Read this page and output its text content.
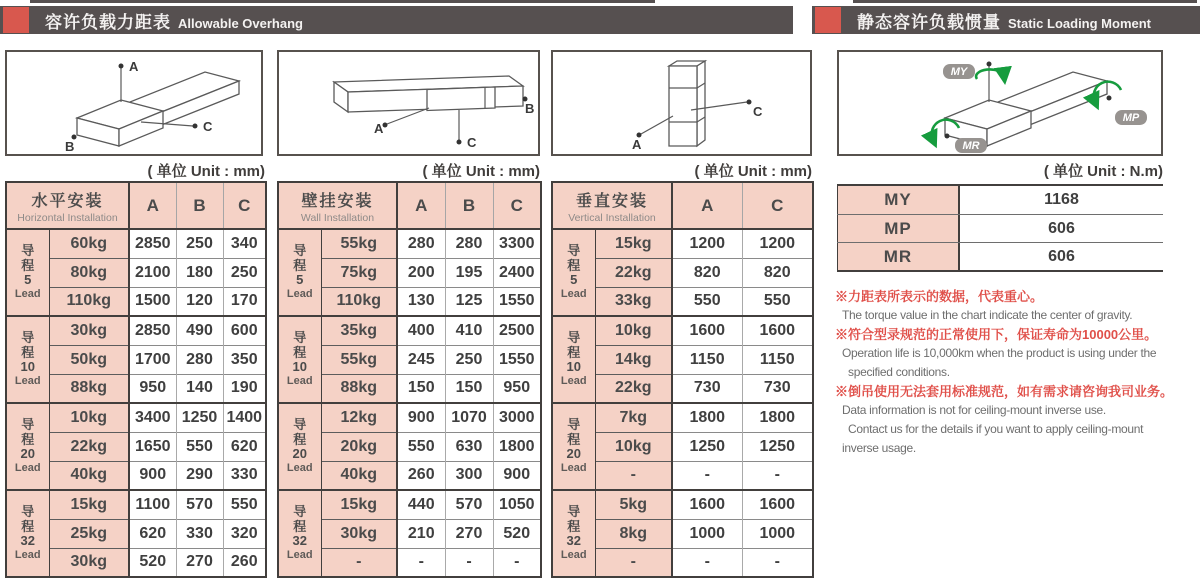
容许负载力距表 Allowable Overhang	静态容许负载惯量 Static Loading Moment
A
B
C	A
B
C	A
C
MY
MP
MR
( 单位 Unit : mm)	( 单位 Unit : mm)	( 单位 Unit : mm)	( 单位 Unit : N.m)
水平安装
Horizontal Installation		A	B	C

导
程
5
Lead	60kg	2850	250	340
	80kg	2100	180	250
	110kg	1500	120	170

导
程
10
Lead	30kg	2850	490	600
	50kg	1700	280	350
	88kg	950	140	190

导
程
20
Lead	10kg	3400	1250	1400
	22kg	1650	550	620
	40kg	900	290	330

导
程
32
Lead	15kg	1100	570	550
	25kg	620	330	320
	30kg	520	270	260
壁挂安装
Wall Installation		A	B	C

导
程
5
Lead	55kg	280	280	3300
	75kg	200	195	2400
	110kg	130	125	1550

导
程
10
Lead	35kg	400	410	2500
	55kg	245	250	1550
	88kg	150	150	950

导
程
20
Lead	12kg	900	1070	3000
	20kg	550	630	1800
	40kg	260	300	900

导
程
32
Lead	15kg	440	570	1050
	30kg	210	270	520
	-	-	-	-
垂直安装
Vertical Installation		A	C

导
程
5
Lead	15kg	1200	1200
	22kg	820	820
	33kg	550	550

导
程
10
Lead	10kg	1600	1600
	14kg	1150	1150
	22kg	730	730

导
程
20
Lead	7kg	1800	1800
	10kg	1250	1250
	-	-	-

导
程
32
Lead	5kg	1600	1600
	8kg	1000	1000
	-	-	-
MY	1168
MP	606
MR	606
※力距表所表示的数据，代表重心。
The torque value in the chart indicate the center of gravity.
※符合型录规范的正常使用下，保证寿命为10000公里。
Operation life is 10,000km when the product is using under the
specified conditions.
※倒吊使用无法套用标准规范，如有需求请咨询我司业务。
Data information is not for ceiling-mount inverse use.
Contact us for the details if you want to apply ceiling-mount
inverse usage.
